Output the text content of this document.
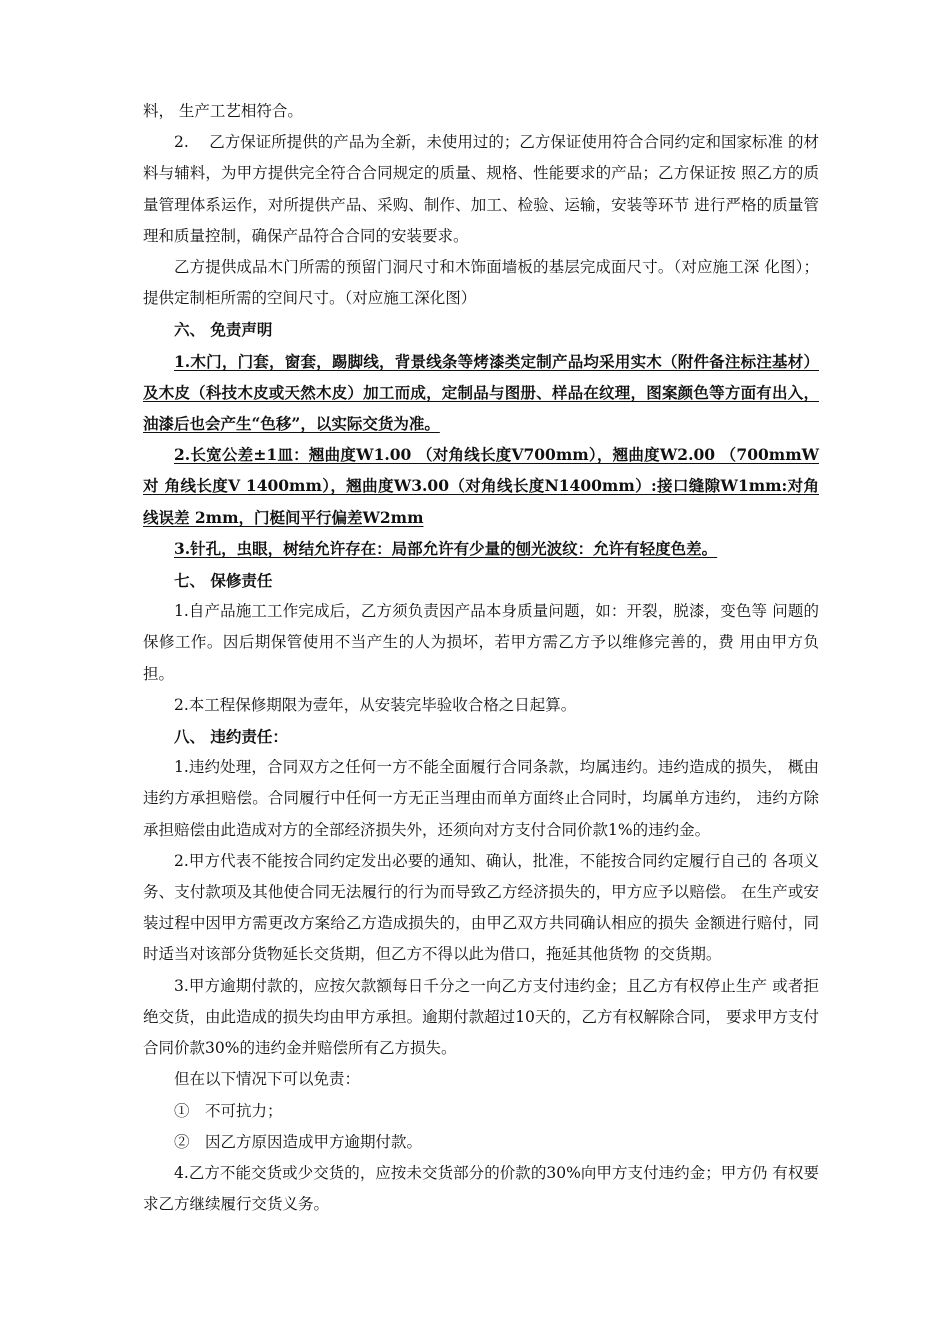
料， 生产工艺相符合。

2.　 乙方保证所提供的产品为全新，未使用过的；乙方保证使用符合合同约定和国家标准 的材料与辅料，为甲方提供完全符合合同规定的质量、规格、性能要求的产品；乙方保证按 照乙方的质量管理体系运作，对所提供产品、采购、制作、加工、检验、运输，安装等环节 进行严格的质量管理和质量控制，确保产品符合合同的安装要求。

乙方提供成品木门所需的预留门洞尺寸和木饰面墙板的基层完成面尺寸。（对应施工深 化图）；提供定制柜所需的空间尺寸。（对应施工深化图）

六、 免责声明

1.木门，门套，窗套，踢脚线，背景线条等烤漆类定制产品均采用实木（附件备注标注基材）及木皮（科技木皮或天然木皮）加工而成，定制品与图册、样品在纹理，图案颜色等方面有出入，油漆后也会产生“色移”，以实际交货为准。

2.长宽公差±1皿：翘曲度W1.00 （对角线长度V700mm），翘曲度W2.00 （700mmW对 角线长度V 1400mm），翘曲度W3.00（对角线长度N1400mm）:接口缝隙W1mm:对角线误差 2mm，门梃间平行偏差W2mm

3.针孔，虫眼，树结允许存在：局部允许有少量的刨光波纹：允许有轻度色差。

七、 保修责任

1.自产品施工工作完成后，乙方须负责因产品本身质量问题，如：开裂，脱漆，变色等 问题的保修工作。因后期保管使用不当产生的人为损坏，若甲方需乙方予以维修完善的，费 用由甲方负担。

2.本工程保修期限为壹年，从安装完毕验收合格之日起算。

八、 违约责任：

1.违约处理，合同双方之任何一方不能全面履行合同条款，均属违约。违约造成的损失， 概由违约方承担赔偿。合同履行中任何一方无正当理由而单方面终止合同时，均属单方违约， 违约方除承担赔偿由此造成对方的全部经济损失外，还须向对方支付合同价款1%的违约金。

2.甲方代表不能按合同约定发出必要的通知、确认，批准，不能按合同约定履行自己的 各项义务、支付款项及其他使合同无法履行的行为而导致乙方经济损失的，甲方应予以赔偿。 在生产或安装过程中因甲方需更改方案给乙方造成损失的，由甲乙双方共同确认相应的损失 金额进行赔付，同时适当对该部分货物延长交货期，但乙方不得以此为借口，拖延其他货物 的交货期。

3.甲方逾期付款的，应按欠款额每日千分之一向乙方支付违约金；且乙方有权停止生产 或者拒绝交货，由此造成的损失均由甲方承担。逾期付款超过10天的，乙方有权解除合同， 要求甲方支付合同价款30%的违约金并赔偿所有乙方损失。

但在以下情况下可以免责：

①　不可抗力；

②　因乙方原因造成甲方逾期付款。

4.乙方不能交货或少交货的，应按未交货部分的价款的30%向甲方支付违约金；甲方仍 有权要求乙方继续履行交货义务。
